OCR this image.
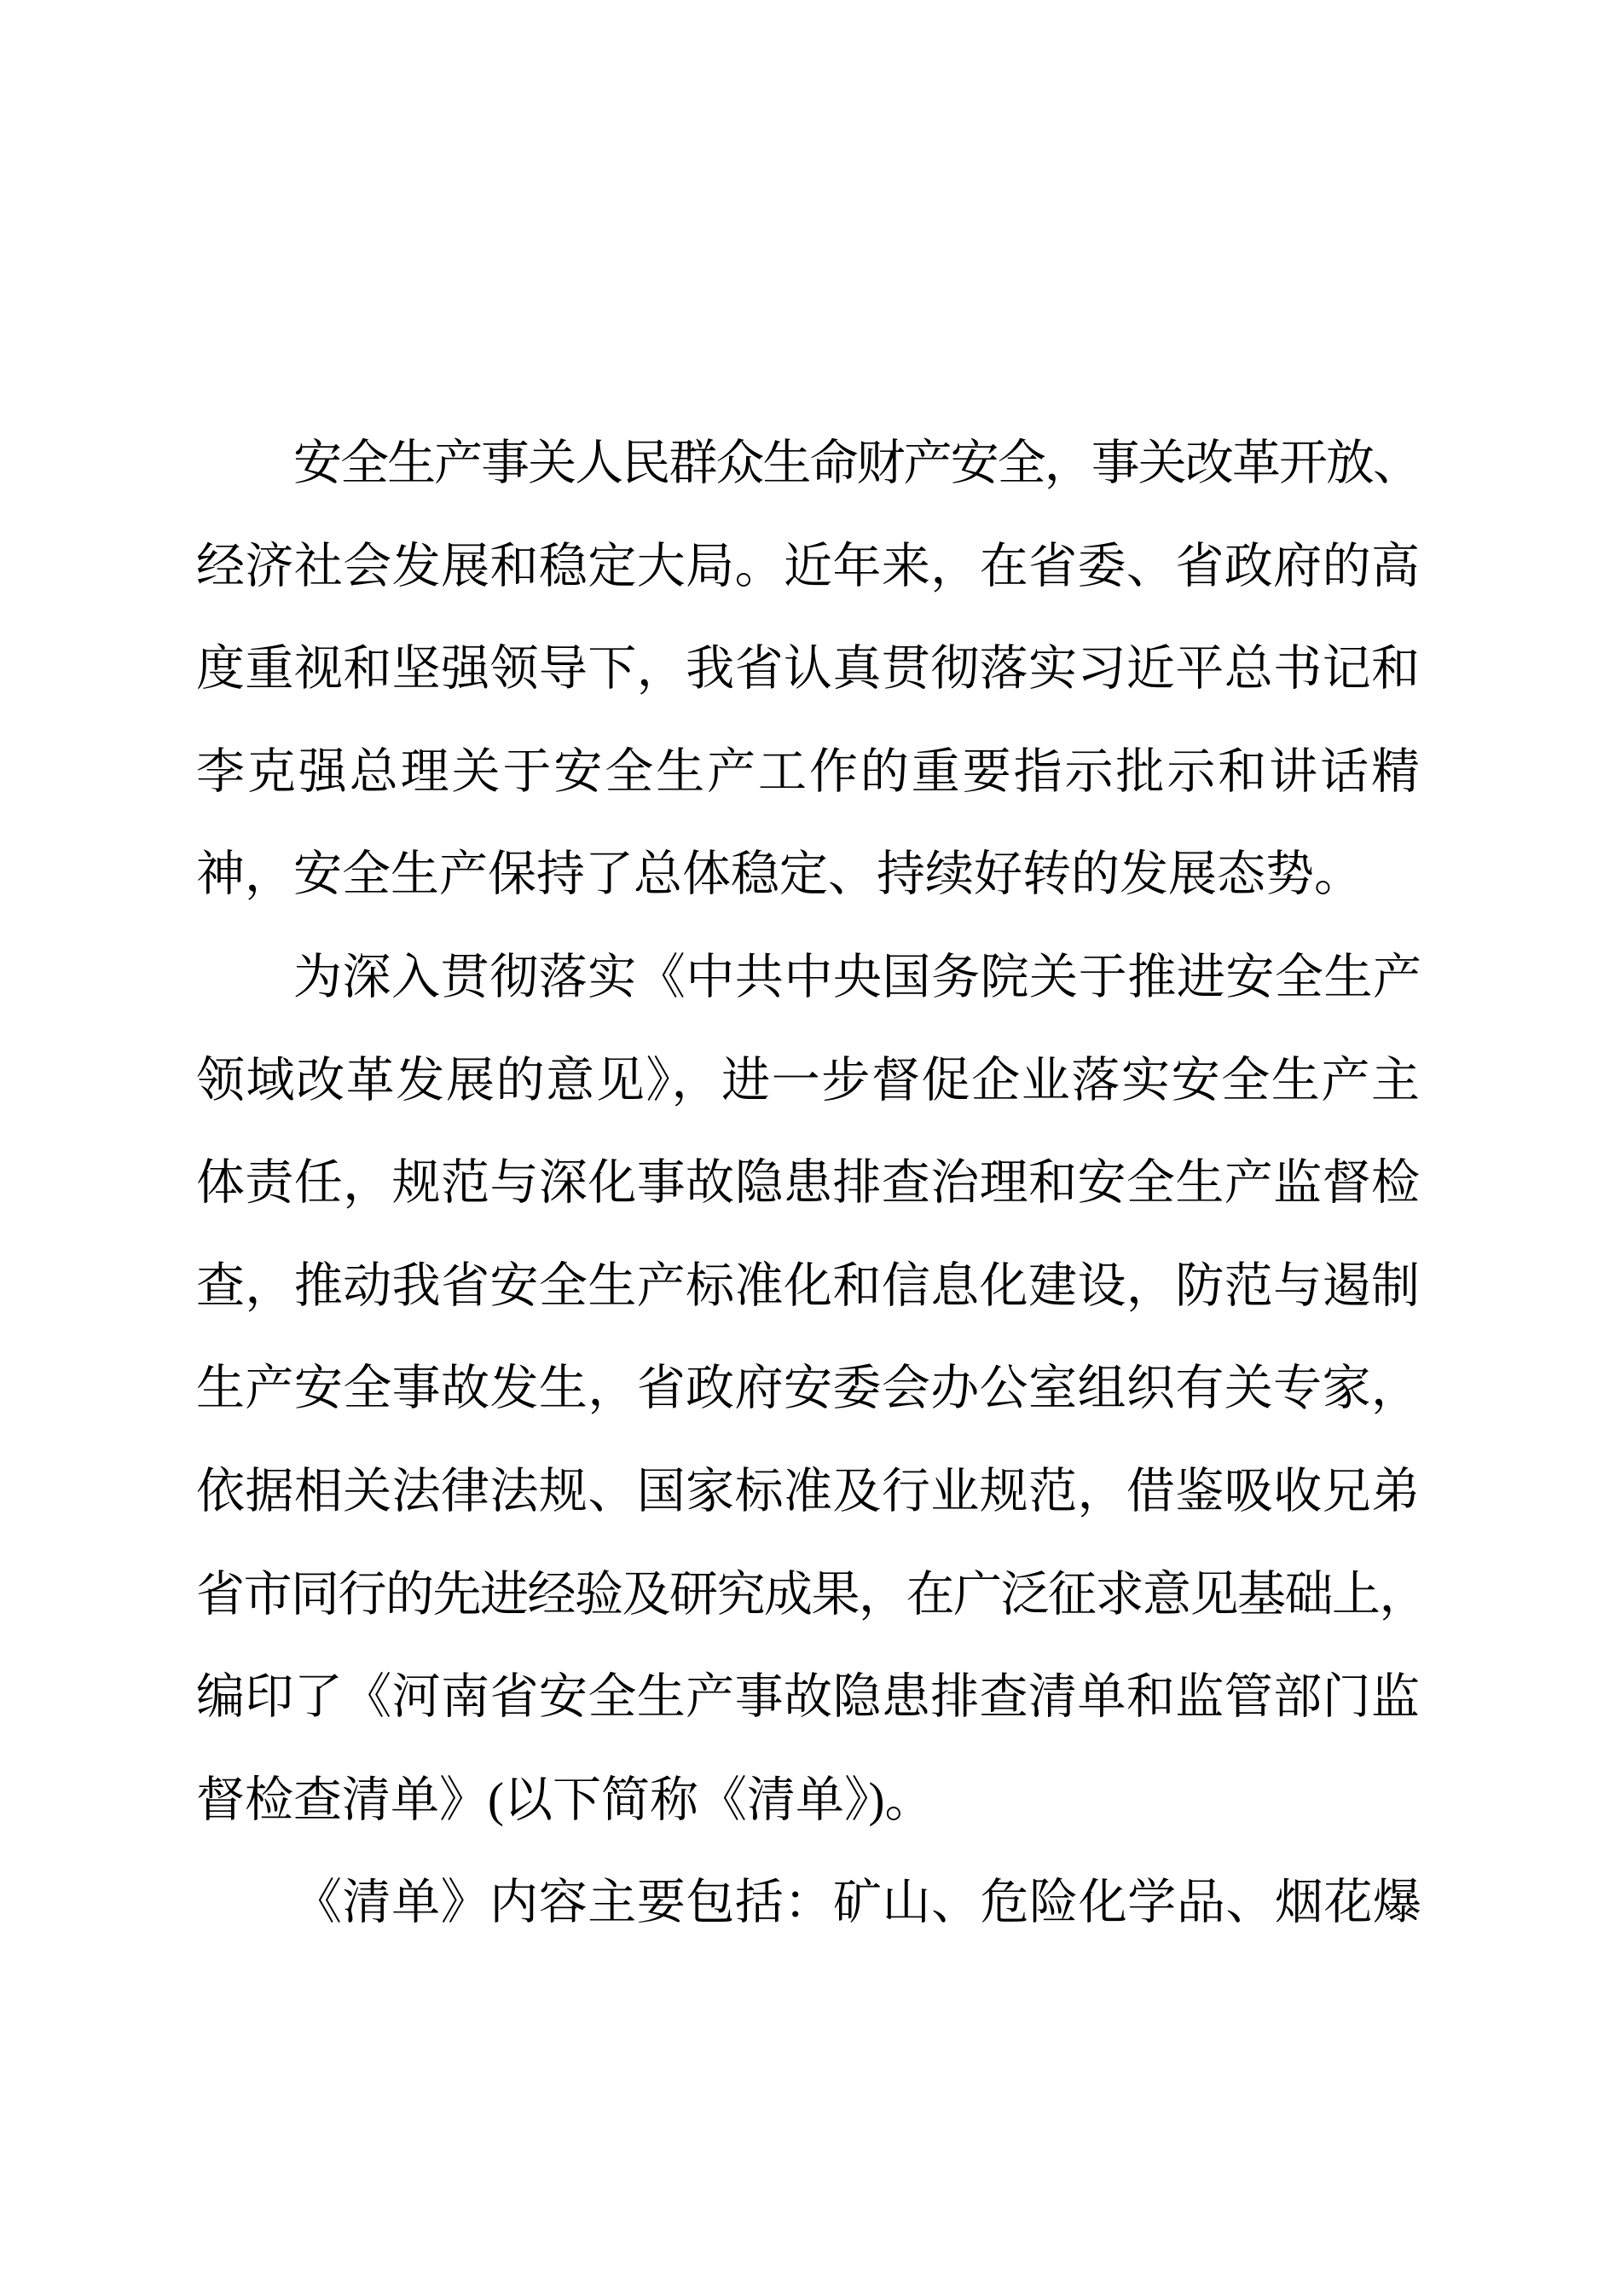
安全生产事关人民群众生命财产安全，事关改革开放、
经济社会发展和稳定大局。近年来，在省委、省政府的高
度重视和坚强领导下，我省认真贯彻落实习近平总书记和
李克强总理关于安全生产工作的重要指示批示和讲话精
神，安全生产保持了总体稳定、持续好转的发展态势。
为深入贯彻落实《中共中央国务院关于推进安全生产
领域改革发展的意见》，进一步督促企业落实安全生产主
体责任，规范与深化事故隐患排查治理和安全生产监督检
查，推动我省安全生产标准化和信息化建设，防范与遏制
生产安全事故发生，省政府安委会办公室组织有关专家，
依据相关法律法规、国家标准及行业规范，借鉴吸收兄弟
省市同行的先进经验及研究成果，在广泛征求意见基础上，
编印了《河南省安全生产事故隐患排查清单和监管部门监
督检查清单》(以下简称《清单》)。
《清单》内容主要包括：矿山、危险化学品、烟花爆
